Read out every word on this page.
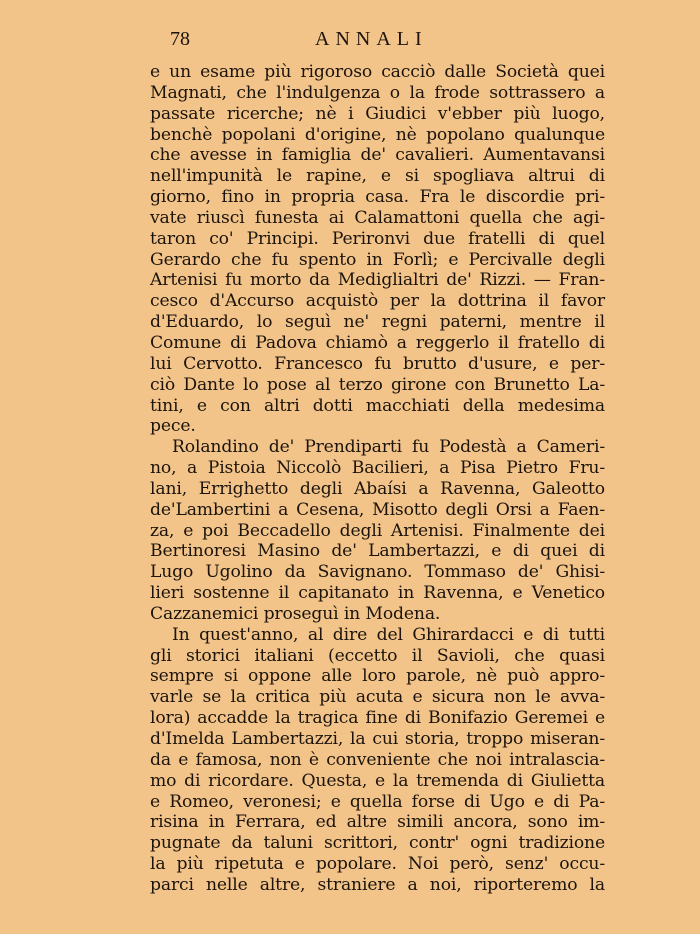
78	ANNALI
e un esame più rigoroso cacciò dalle Società quei
Magnati, che l'indulgenza o la frode sottrassero a
passate ricerche; nè i Giudici v'ebber più luogo,
benchè popolani d'origine, nè popolano qualunque
che avesse in famiglia de' cavalieri. Aumentavansi
nell'impunità le rapine, e si spogliava altrui di
giorno, fino in propria casa. Fra le discordie pri-
vate riuscì funesta ai Calamattoni quella che agi-
taron co' Principi. Perironvi due fratelli di quel
Gerardo che fu spento in Forlì; e Percivalle degli
Artenisi fu morto da Mediglialtri de' Rizzi. — Fran-
cesco d'Accurso acquistò per la dottrina il favor
d'Eduardo, lo seguì ne' regni paterni, mentre il
Comune di Padova chiamò a reggerlo il fratello di
lui Cervotto. Francesco fu brutto d'usure, e per-
ciò Dante lo pose al terzo girone con Brunetto La-
tini, e con altri dotti macchiati della medesima
pece.
Rolandino de' Prendiparti fu Podestà a Cameri-
no, a Pistoia Niccolò Bacilieri, a Pisa Pietro Fru-
lani, Errighetto degli Abaísi a Ravenna, Galeotto
de'Lambertini a Cesena, Misotto degli Orsi a Faen-
za, e poi Beccadello degli Artenisi. Finalmente dei
Bertinoresi Masino de' Lambertazzi, e di quei di
Lugo Ugolino da Savignano. Tommaso de' Ghisi-
lieri sostenne il capitanato in Ravenna, e Venetico
Cazzanemici proseguì in Modena.
In quest'anno, al dire del Ghirardacci e di tutti
gli storici italiani (eccetto il Savioli, che quasi
sempre si oppone alle loro parole, nè può appro-
varle se la critica più acuta e sicura non le avva-
lora) accadde la tragica fine di Bonifazio Geremei e
d'Imelda Lambertazzi, la cui storia, troppo miseran-
da e famosa, non è conveniente che noi intralascia-
mo di ricordare. Questa, e la tremenda di Giulietta
e Romeo, veronesi; e quella forse di Ugo e di Pa-
risina in Ferrara, ed altre simili ancora, sono im-
pugnate da taluni scrittori, contr' ogni tradizione
la più ripetuta e popolare. Noi però, senz' occu-
parci nelle altre, straniere a noi, riporteremo la
